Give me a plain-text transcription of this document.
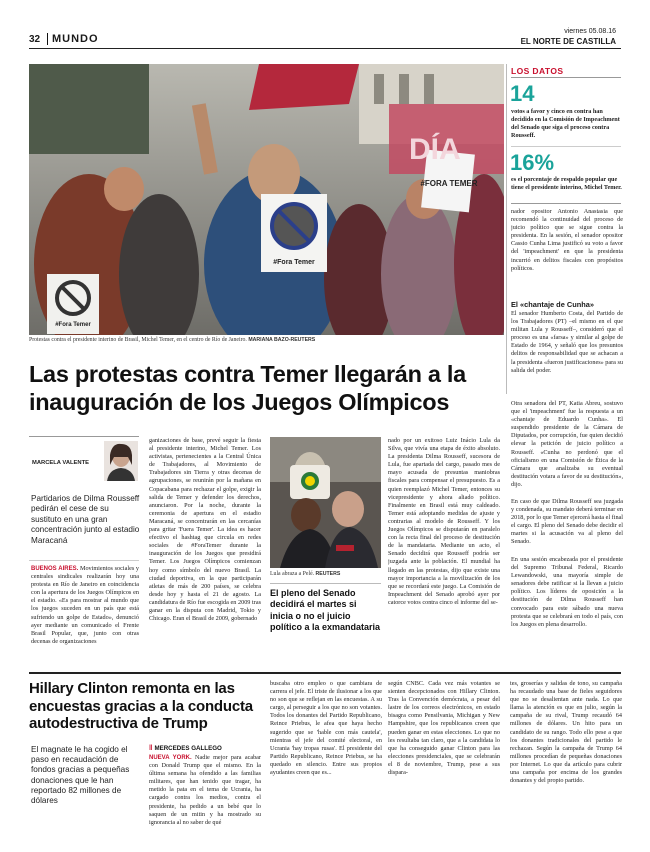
32 MUNDO
viernes 05.08.16
EL NORTE DE CASTILLA
#Fora Temer
#Fora Temer
#FORA TEMER
DÍA
Protestas contra el presidente interino de Brasil, Michel Temer, en el centro de Río de Janeiro. MARIANA BAZO-REUTERS
LOS DATOS
14
votos a favor y cinco en contra han decidido en la Comisión de Impeachment del Senado que siga el proceso contra Rousseff.
16%
es el porcentaje de respaldo popular que tiene el presidente interino, Michel Temer.
nador opositor Antonio Anastasia que recomendó la continuidad del proceso de juicio político que se sigue contra la presidenta. En la sesión, el senador opositor Cassio Cunha Lima justificó su voto a favor del 'impeachment' en que la presidenta incurrió en delitos fiscales con propósitos políticos.
El «chantaje de Cunha»
El senador Humberto Costa, del Partido de los Trabajadores (PT) –el mismo en el que militan Lula y Rousseff–, consideró que el proceso es una «farsa» y similar al golpe de Estado de 1964, y señaló que los presuntos delitos de responsabilidad que se achacan a la presidenta «fueron justificaciones» para su salida del poder.
Otra senadora del PT, Katia Abreu, sostuvo que el 'impeachment' fue la respuesta a un «chantaje de Eduardo Cunha». El suspendido presidente de la Cámara de Diputados, por corrupción, fue quien decidió elevar la petición de juicio político a Rousseff. «Cunha no perdonó que el oficialismo en una Comisión de Ética de la Cámara que analizaba su eventual destitución votara a favor de su destitución», dijo.
En caso de que Dilma Rousseff sea juzgada y condenada, su mandato deberá terminar en 2018, por lo que Temer ejercerá hasta el final el cargo. El pleno del Senado debe decidir el martes si la acusación va al pleno del Senado.
En una sesión encabezada por el presidente del Supremo Tribunal Federal, Ricardo Lewandowski, una mayoría simple de senadores debe ratificar si la llevan a juicio político. Los líderes de oposición a la destitución de Dilma Rousseff han convocado para este sábado una nueva protesta que se celebrará en todo el país, con los Juegos en plena desarrollo.
Las protestas contra Temer llegarán a la inauguración de los Juegos Olímpicos
MARCELA VALENTE
Partidarios de Dilma Rousseff pedirán el cese de su sustituto en una gran concentración junto al estadio Maracaná
BUENOS AIRES. Movimientos sociales y centrales sindicales realizarán hoy una protesta en Río de Janeiro en coincidencia con la apertura de los Juegos Olímpicos en el estadio. «Es para mostrar al mundo que los juegos suceden en un país que está sufriendo un golpe de Estado», denunció ayer mediante un comunicado el Frente Brasil Popular, que, junto con otras decenas de organizaciones
ganizaciones de base, prevé seguir la fiesta al presidente interino, Michel Temer. Los activistas, pertenecientes a la Central Única de Trabajadores, al Movimiento de Trabajadores sin Tierra y otras decenas de agrupaciones, se reunirán por la mañana en Copacabana para rechazar el golpe, exigir la salida de Temer y defender los derechos, anunciaron. Por la noche, durante la ceremonia de apertura en el estadio Maracaná, se concentrarán en las cercanías para gritar 'Fuera Temer'. La idea es hacer efectivo el hashtag que circula en redes sociales de #ForaTemer durante la inauguración de los Juegos que presidirá Temer. Los Juegos Olímpicos comienzan hoy como símbolo del nuevo Brasil. La ciudad deportiva, en la que participarán atletas de más de 200 países, se celebra desde hoy y hasta el 21 de agosto. La candidatura de Río fue escogida en 2009 tras ganar en la disputa con Madrid, Tokio y Chicago. Eran el Brasil de 2009, gobernado
Lula abraza a Pelé. REUTERS
El pleno del Senado decidirá el martes si inicia o no el juicio político a la exmandataria
nado por un exitoso Luiz Inácio Lula da Silva, que vivía una etapa de éxito absoluto. La presidenta Dilma Rousseff, sucesora de Lula, fue apartada del cargo, pasado mes de mayo acusada de presuntas maniobras fiscales para compensar el presupuesto. Es a quien reemplazó Michel Temer, entonces su vicepresidente y ahora aliado político. Finalmente en Brasil está muy caldeado. Temer está adoptando medidas de ajuste y contrarias al modelo de Rousseff. Y los Juegos Olímpicos se disputarán en paralelo con la recta final del proceso de destitución de la mandataria. Mediante un acto, el Senado decidirá que Rousseff podría ser juzgada ante la población. El mundial ha llegado en las protestas, dijo que existe una mayor importancia a la movilización de los que se recordará este juego. La Comisión de Impeachment del Senado aprobó ayer por catorce votos contra cinco el informe del se-
Hillary Clinton remonta en las encuestas gracias a la conducta autodestructiva de Trump
El magnate le ha cogido el paso en recaudación de fondos gracias a pequeñas donaciones que le han reportado 82 millones de dólares
‖ MERCEDES GALLEGO
NUEVA YORK. Nadie mejor para acabar con Donald Trump que el mismo. En la última semana ha ofendido a las familias militares, que han tenido que tragar, ha metido la pata en el tema de Ucrania, ha cargado contra los medios, contra el presidente, ha pedido a un bebé que lo saquen de un mitin y ha mostrado su ignorancia al no saber de qué
buscaba otro empleo o que cambiara de carrera el jefe. El triste de ilusionar a los que no son que se reflejan en las encuestas. A su cargo, al perseguir a los que no son votantes. Todos los donantes del Partido Republicano, Reince Priebus, le afea que haya hecho sugerido que se 'hable con más cautela', mientras el jefe del comité electoral, en Ucrania 'hay tropas rusas'. El presidente del Partido Republicano, Reince Priebus, se ha quedado en silencio. Entre sus propios ayudantes creen que es...
según CNBC. Cada vez más votantes se sienten decepcionados con Hillary Clinton. Tras la Convención demócrata, a pesar del lastre de los correos electrónicos, en estado bisagra como Pensilvania, Michigan y New Hampshire, que los republicanos creen que pueden ganar en estas elecciones. Lo que no les resultaba tan claro, que a la candidata lo que ha conseguido ganar Clinton para las elecciones presidenciales, que se celebrarán el 8 de noviembre, Trump, pese a sus dispara-
tes, groserías y salidas de tono, su campaña ha recaudado una base de fieles seguidores que no se desalientan ante nada. Lo que llama la atención es que en julio, según la campaña de su rival, Trump recaudó 64 millones de dólares. Un hito para un candidato de su rango. Todo ello pese a que los donantes tradicionales del partido le rechazan. Según la campaña de Trump 64 millones procedían de pequeñas donaciones por Internet. Lo que da artículo para cubrir una campaña por encima de los grandes donantes y del propio partido.
